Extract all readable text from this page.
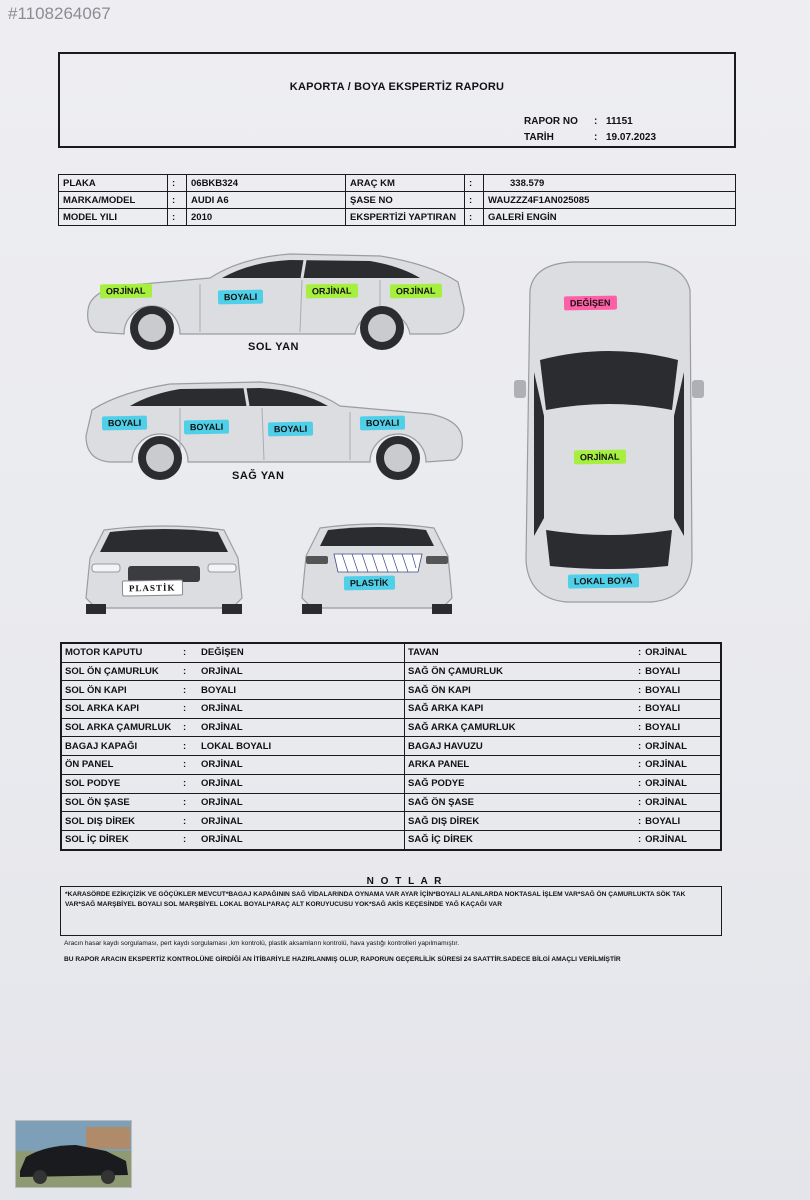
#1108264067
KAPORTA / BOYA EKSPERTİZ RAPORU
RAPOR NO : 11151
TARİH	: 19.07.2023
PLAKA	:	06BKB324	ARAÇ KM	:	338.579
MARKA/MODEL	:	AUDI A6	ŞASE NO	:	WAUZZZ4F1AN025085
MODEL YILI	:	2010	EKSPERTİZİ YAPTIRAN	:	GALERİ ENGİN
ORJİNAL
BOYALI
ORJİNAL	ORJİNAL
SOL YAN
BOYALI	BOYALI	BOYALI
BOYALI
SAĞ YAN
DEĞİŞEN
ORJİNAL
LOKAL BOYA
PLASTİK	PLASTİK
MOTOR KAPUTU	:	DEĞİŞEN	TAVAN	: ORJİNAL
SOL ÖN ÇAMURLUK	:	ORJİNAL	SAĞ ÖN ÇAMURLUK	: BOYALI
SOL ÖN KAPI	:	BOYALI	SAĞ ÖN KAPI	: BOYALI
SOL ARKA KAPI	:	ORJİNAL	SAĞ ARKA KAPI	: BOYALI
SOL ARKA ÇAMURLUK	:	ORJİNAL	SAĞ ARKA ÇAMURLUK	: BOYALI
BAGAJ KAPAĞI	:	LOKAL BOYALI	BAGAJ HAVUZU	: ORJİNAL
ÖN PANEL	:	ORJİNAL	ARKA PANEL	: ORJİNAL
SOL PODYE	:	ORJİNAL	SAĞ PODYE	: ORJİNAL
SOL ÖN ŞASE	:	ORJİNAL	SAĞ ÖN ŞASE	: ORJİNAL
SOL DIŞ DİREK	:	ORJİNAL	SAĞ DIŞ DİREK	: BOYALI
SOL İÇ DİREK	:	ORJİNAL	SAĞ İÇ DİREK	: ORJİNAL
N O T L A R
*KARASÖRDE EZİK/ÇİZİK VE GÖÇÜKLER MEVCUT*BAGAJ KAPAĞININ SAĞ VİDALARINDA OYNAMA VAR AYAR İÇİN*BOYALI ALANLARDA NOKTASAL İŞLEM VAR*SAĞ ÖN ÇAMURLUKTA SÖK TAK
VAR*SAĞ MARŞBİYEL BOYALI SOL MARŞBİYEL LOKAL BOYALI*ARAÇ ALT KORUYUCUSU YOK*SAĞ AKİS KEÇESİNDE YAĞ KAÇAĞI VAR
Aracın hasar kaydı sorgulaması, pert kaydı sorgulaması ,km kontrolü, plastik aksamların kontrolü, hava yastığı kontrolleri yapılmamıştır.
BU RAPOR ARACIN EKSPERTİZ KONTROLÜNE GİRDİĞİ AN İTİBARİYLE HAZIRLANMIŞ OLUP, RAPORUN GEÇERLİLİK SÜRESİ 24 SAATTİR.SADECE BİLGİ AMAÇLI VERİLMİŞTİR
